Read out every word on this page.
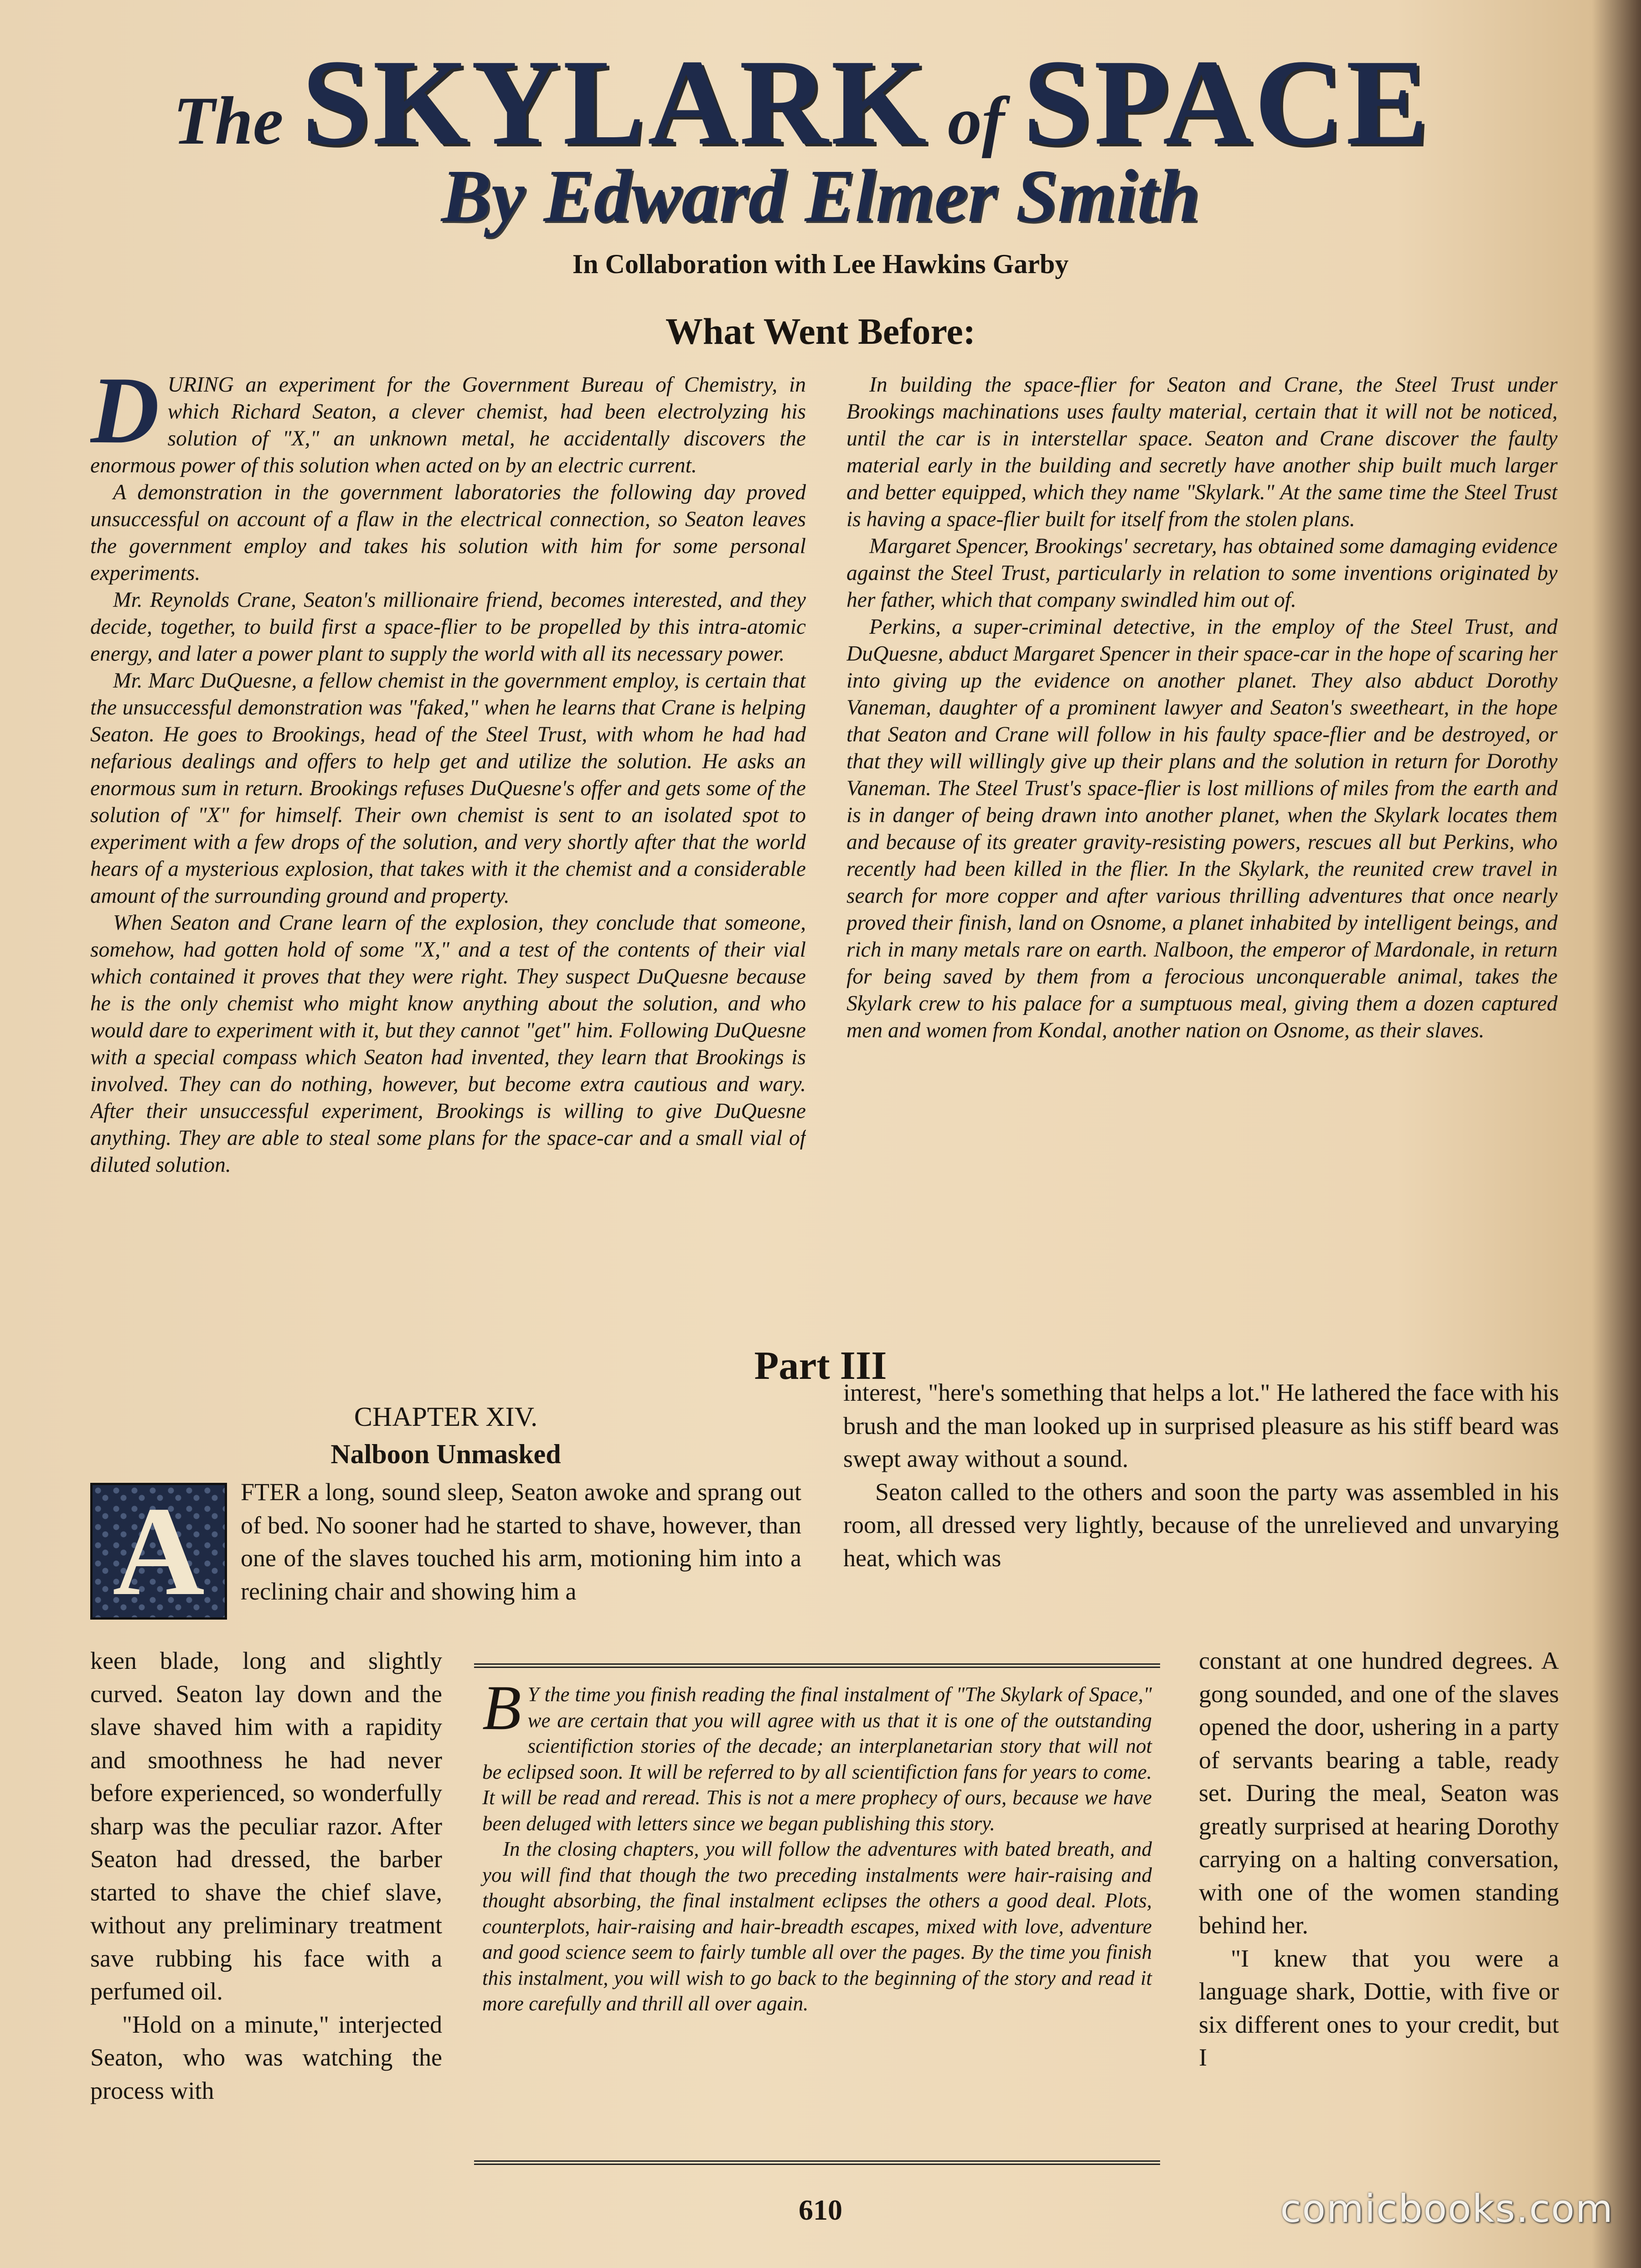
The SKYLARK of SPACE
By Edward Elmer Smith
In Collaboration with Lee Hawkins Garby
What Went Before:

DURING an experiment for the Government Bureau of Chemistry, in which Richard Seaton, a clever chemist, had been electrolyzing his solution of "X," an unknown metal, he accidentally discovers the enormous power of this solution when acted on by an electric current.

A demonstration in the government laboratories the following day proved unsuccessful on account of a flaw in the electrical connection, so Seaton leaves the government employ and takes his solution with him for some personal experiments.

Mr. Reynolds Crane, Seaton's millionaire friend, becomes interested, and they decide, together, to build first a space-flier to be propelled by this intra-atomic energy, and later a power plant to supply the world with all its necessary power.

Mr. Marc DuQuesne, a fellow chemist in the government employ, is certain that the unsuccessful demonstration was "faked," when he learns that Crane is helping Seaton. He goes to Brookings, head of the Steel Trust, with whom he had had nefarious dealings and offers to help get and utilize the solution. He asks an enormous sum in return. Brookings refuses DuQuesne's offer and gets some of the solution of "X" for himself. Their own chemist is sent to an isolated spot to experiment with a few drops of the solution, and very shortly after that the world hears of a mysterious explosion, that takes with it the chemist and a considerable amount of the surrounding ground and property.

When Seaton and Crane learn of the explosion, they conclude that someone, somehow, had gotten hold of some "X," and a test of the contents of their vial which contained it proves that they were right. They suspect DuQuesne because he is the only chemist who might know anything about the solution, and who would dare to experiment with it, but they cannot "get" him. Following DuQuesne with a special compass which Seaton had invented, they learn that Brookings is involved. They can do nothing, however, but become extra cautious and wary. After their unsuccessful experiment, Brookings is willing to give DuQuesne anything. They are able to steal some plans for the space-car and a small vial of diluted solution.

In building the space-flier for Seaton and Crane, the Steel Trust under Brookings machinations uses faulty material, certain that it will not be noticed, until the car is in interstellar space. Seaton and Crane discover the faulty material early in the building and secretly have another ship built much larger and better equipped, which they name "Skylark." At the same time the Steel Trust is having a space-flier built for itself from the stolen plans.

Margaret Spencer, Brookings' secretary, has obtained some damaging evidence against the Steel Trust, particularly in relation to some inventions originated by her father, which that company swindled him out of.

Perkins, a super-criminal detective, in the employ of the Steel Trust, and DuQuesne, abduct Margaret Spencer in their space-car in the hope of scaring her into giving up the evidence on another planet. They also abduct Dorothy Vaneman, daughter of a prominent lawyer and Seaton's sweetheart, in the hope that Seaton and Crane will follow in his faulty space-flier and be destroyed, or that they will willingly give up their plans and the solution in return for Dorothy Vaneman. The Steel Trust's space-flier is lost millions of miles from the earth and is in danger of being drawn into another planet, when the Skylark locates them and because of its greater gravity-resisting powers, rescues all but Perkins, who recently had been killed in the flier. In the Skylark, the reunited crew travel in search for more copper and after various thrilling adventures that once nearly proved their finish, land on Osnome, a planet inhabited by intelligent beings, and rich in many metals rare on earth. Nalboon, the emperor of Mardonale, in return for being saved by them from a ferocious unconquerable animal, takes the Skylark crew to his palace for a sumptuous meal, giving them a dozen captured men and women from Kondal, another nation on Osnome, as their slaves.

Part III
CHAPTER XIV.
Nalboon Unmasked
A FTER a long, sound sleep, Seaton awoke and sprang out of bed. No sooner had he started to shave, however, than one of the slaves touched his arm, motioning him into a reclining chair and showing him a

keen blade, long and slightly curved. Seaton lay down and the slave shaved him with a rapidity and smoothness he had never before experienced, so wonderfully sharp was the peculiar razor. After Seaton had dressed, the barber started to shave the chief slave, without any preliminary treatment save rubbing his face with a perfumed oil.

"Hold on a minute," interjected Seaton, who was watching the process with

interest, "here's something that helps a lot." He lathered the face with his brush and the man looked up in surprised pleasure as his stiff beard was swept away without a sound.

Seaton called to the others and soon the party was assembled in his room, all dressed very lightly, because of the unrelieved and unvarying heat, which was

constant at one hundred degrees. A gong sounded, and one of the slaves opened the door, ushering in a party of servants bearing a table, ready set. During the meal, Seaton was greatly surprised at hearing Dorothy carrying on a halting conversation, with one of the women standing behind her.

"I knew that you were a language shark, Dottie, with five or six different ones to your credit, but I

B Y the time you finish reading the final instalment of "The Skylark of Space," we are certain that you will agree with us that it is one of the outstanding scientifiction stories of the decade; an interplanetarian story that will not be eclipsed soon. It will be referred to by all scientifiction fans for years to come. It will be read and reread. This is not a mere prophecy of ours, because we have been deluged with letters since we began publishing this story.

In the closing chapters, you will follow the adventures with bated breath, and you will find that though the two preceding instalments were hair-raising and thought absorbing, the final instalment eclipses the others a good deal. Plots, counterplots, hair-raising and hair-breadth escapes, mixed with love, adventure and good science seem to fairly tumble all over the pages. By the time you finish this instalment, you will wish to go back to the beginning of the story and read it more carefully and thrill all over again.

610	comicbooks.com
